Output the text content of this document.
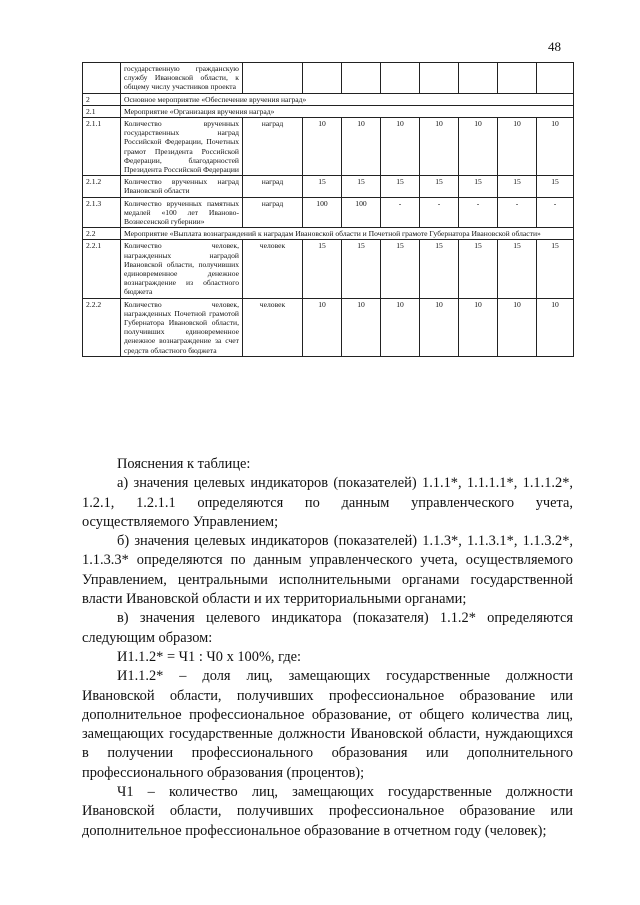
48
	государственную гражданскую службу Ивановской области, к общему числу участников проекта								
2	Основное мероприятие «Обеспечение вручения наград»								
2.1	Мероприятие «Организация вручения наград»								
2.1.1	Количество врученных государственных наград Российской Федерации, Почетных грамот Президента Российской Федерации, благодарностей Президента Российской Федерации	наград	10	10	10	10	10	10	10
2.1.2	Количество врученных наград Ивановской области	наград	15	15	15	15	15	15	15
2.1.3	Количество врученных памятных медалей «100 лет Иваново-Вознесенской губернии»	наград	100	100	-	-	-	-	-
2.2	Мероприятие «Выплата вознаграждений к наградам Ивановской области и Почетной грамоте Губернатора Ивановской области»								
2.2.1	Количество человек, награжденных наградой Ивановской области, получивших единовременное денежное вознаграждение из областного бюджета	человек	15	15	15	15	15	15	15
2.2.2	Количество человек, награжденных Почетной грамотой Губернатора Ивановской области, получивших единовременное денежное вознаграждение за счет средств областного бюджета	человек	10	10	10	10	10	10	10

Пояснения к таблице:

а) значения целевых индикаторов (показателей) 1.1.1*, 1.1.1.1*, 1.1.1.2*, 1.2.1, 1.2.1.1 определяются по данным управленческого учета, осуществляемого Управлением;

б) значения целевых индикаторов (показателей) 1.1.3*, 1.1.3.1*, 1.1.3.2*, 1.1.3.3* определяются по данным управленческого учета, осуществляемого Управлением, центральными исполнительными органами государственной власти Ивановской области и их территориальными органами;

в) значения целевого индикатора (показателя) 1.1.2* определяются следующим образом:

И1.1.2* = Ч1 : Ч0 х 100%, где:

И1.1.2* – доля лиц, замещающих государственные должности Ивановской области, получивших профессиональное образование или дополнительное профессиональное образование, от общего количества лиц, замещающих государственные должности Ивановской области, нуждающихся в получении профессионального образования или дополнительного профессионального образования (процентов);

Ч1 – количество лиц, замещающих государственные должности Ивановской области, получивших профессиональное образование или дополнительное профессиональное образование в отчетном году (человек);
